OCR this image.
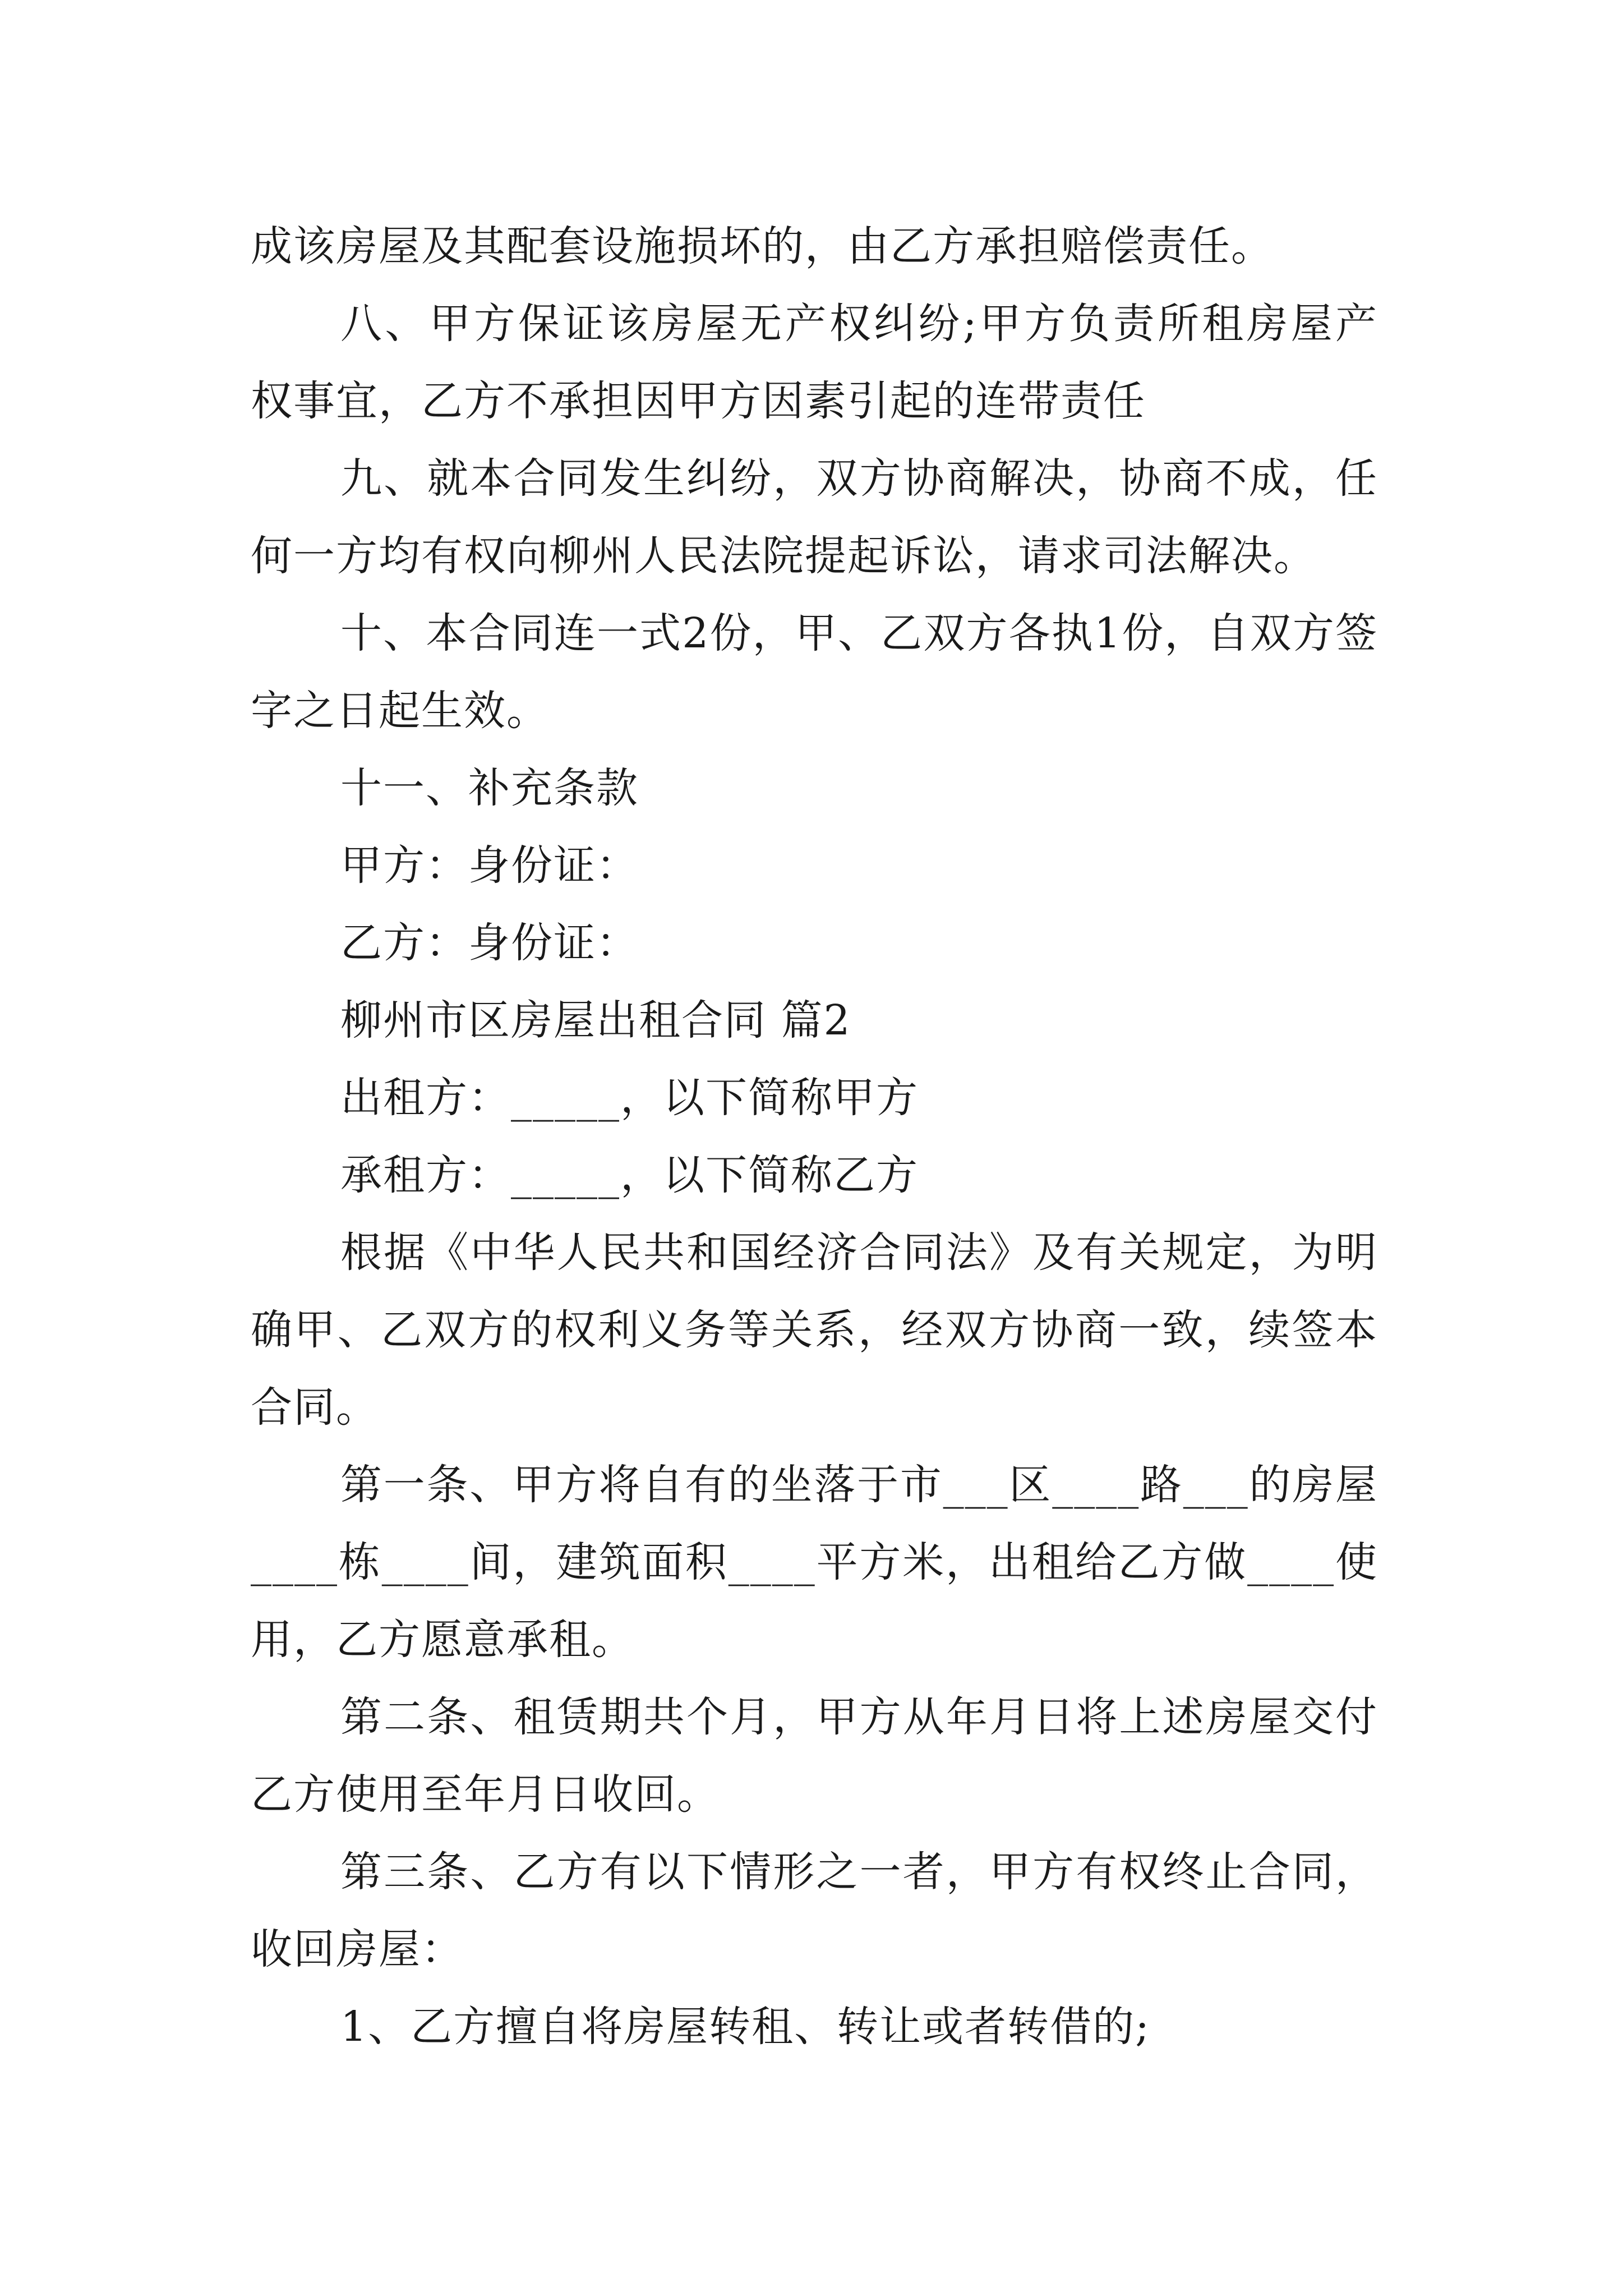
成该房屋及其配套设施损坏的，由乙方承担赔偿责任。

八、甲方保证该房屋无产权纠纷;甲方负责所租房屋产权事宜，乙方不承担因甲方因素引起的连带责任

九、就本合同发生纠纷，双方协商解决，协商不成，任何一方均有权向柳州人民法院提起诉讼，请求司法解决。

十、本合同连一式2份，甲、乙双方各执1份，自双方签字之日起生效。

十一、补充条款

甲方：身份证：

乙方：身份证：

柳州市区房屋出租合同 篇2

出租方：_____，以下简称甲方

承租方：_____，以下简称乙方

根据《中华人民共和国经济合同法》及有关规定，为明确甲、乙双方的权利义务等关系，经双方协商一致，续签本合同。

第一条、甲方将自有的坐落于市___区____路___的房屋____栋____间，建筑面积____平方米，出租给乙方做____使用，乙方愿意承租。

第二条、租赁期共个月，甲方从年月日将上述房屋交付乙方使用至年月日收回。

第三条、乙方有以下情形之一者，甲方有权终止合同，收回房屋：

1、乙方擅自将房屋转租、转让或者转借的;
